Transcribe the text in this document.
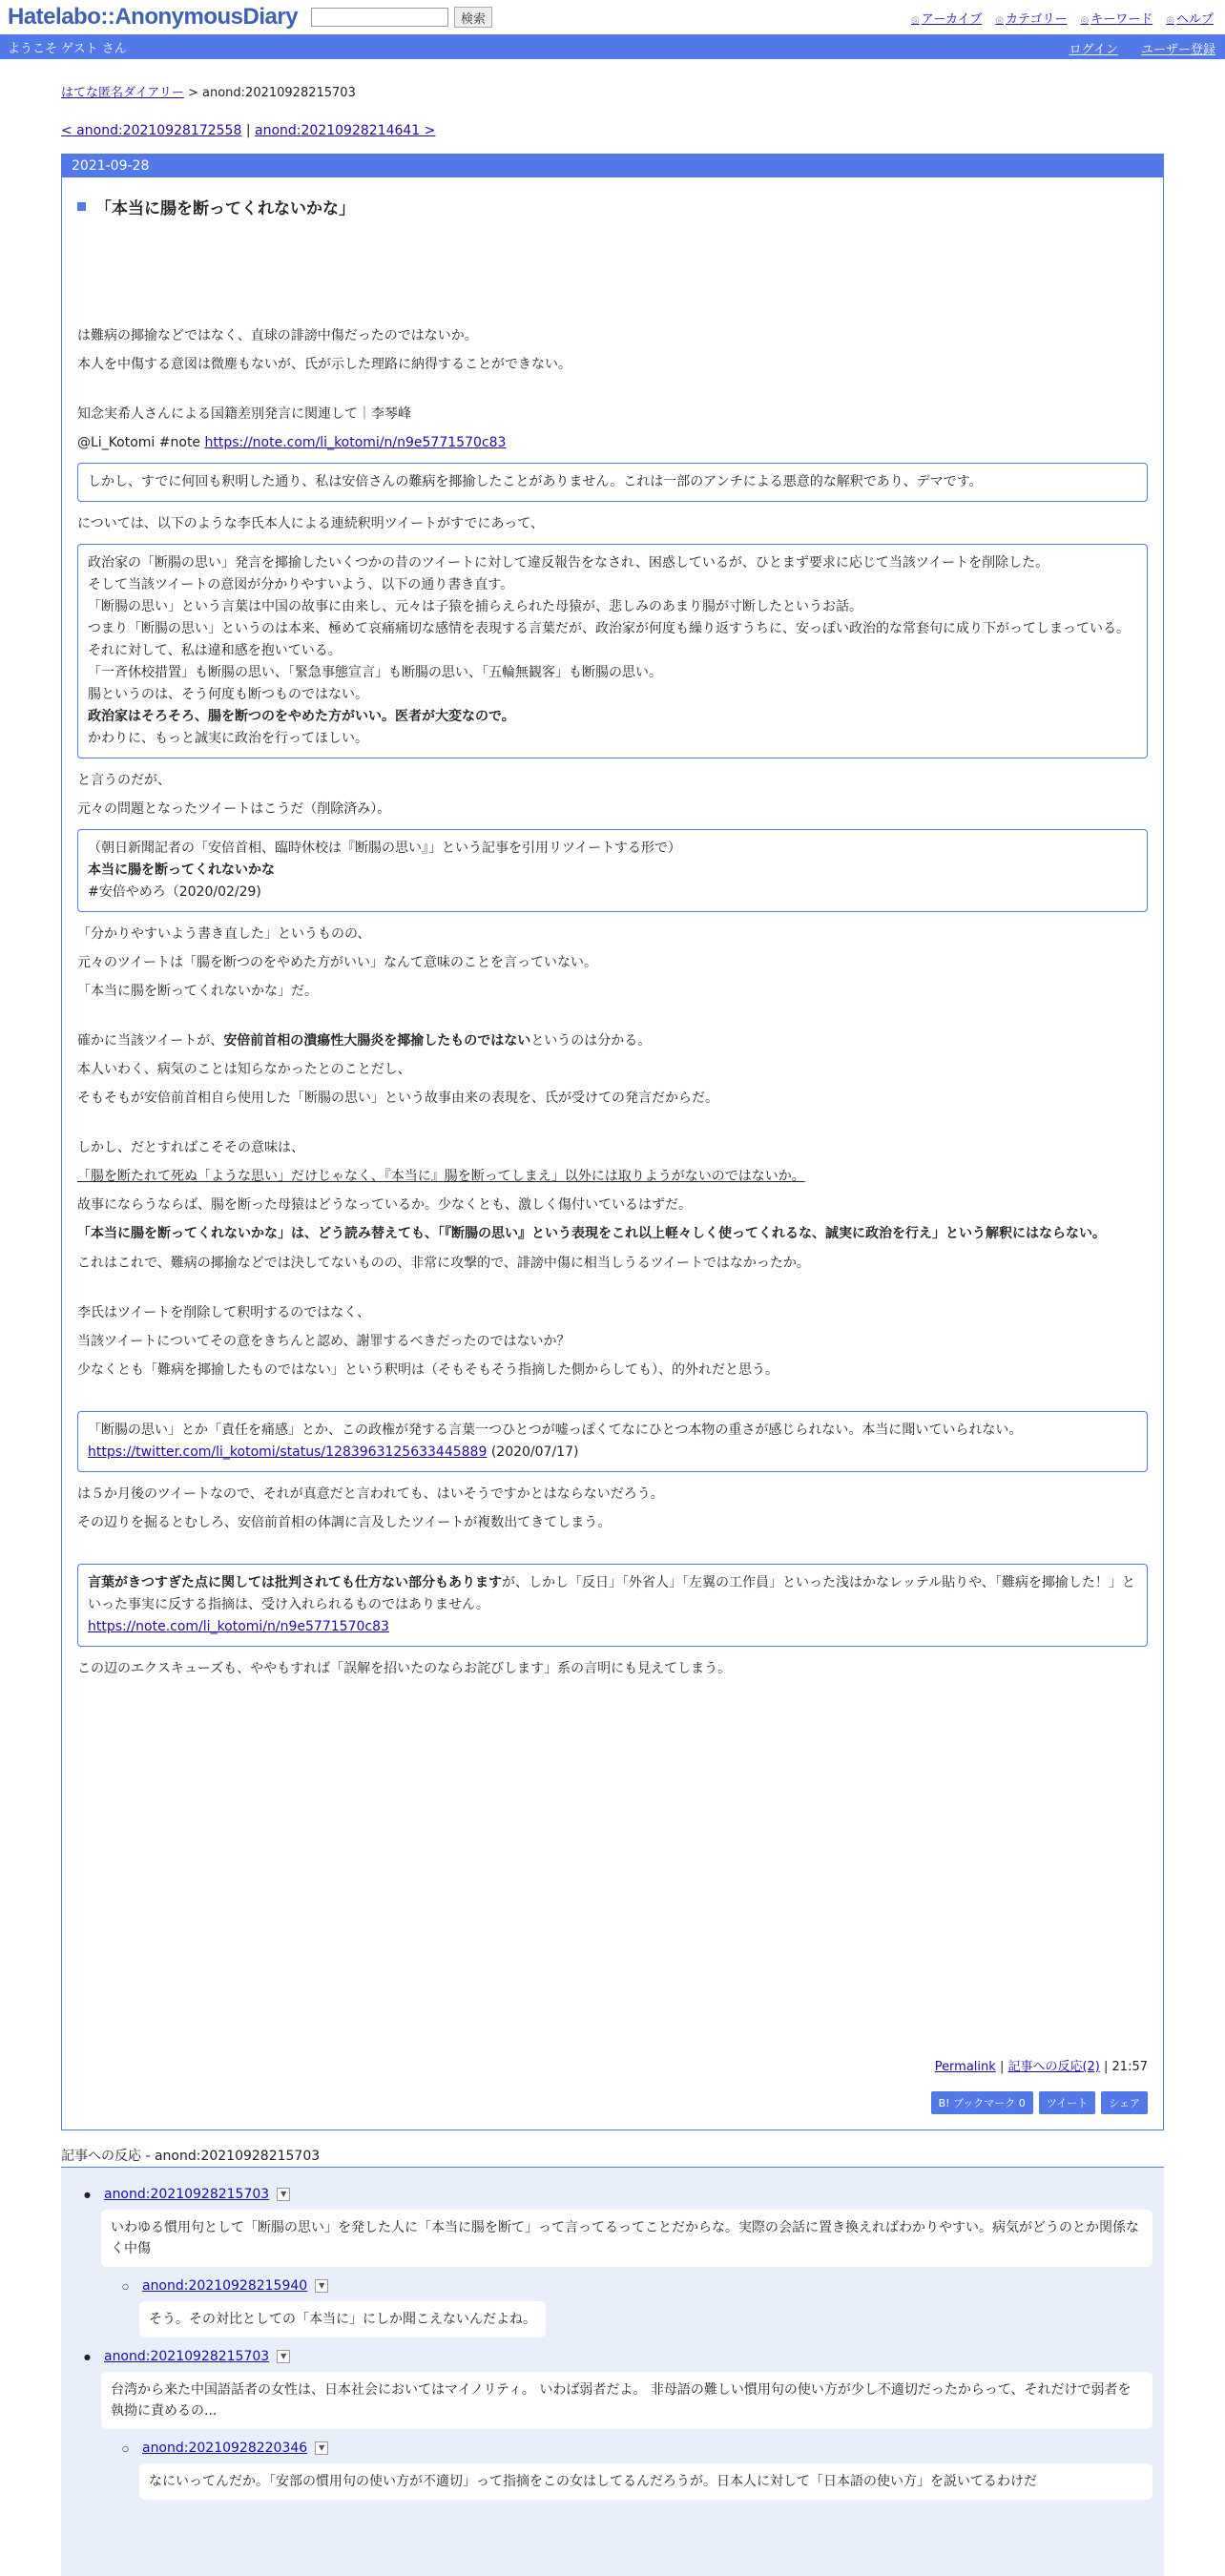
Hatelabo::AnonymousDiary	検索	◎ アーカイブ	◎ カテゴリー	◎ キーワード	◎ ヘルプ
ようこそ ゲスト さん	ログイン ユーザー登録
はてな匿名ダイアリー > anond:20210928215703
< anond:20210928172558 | anond:20210928214641 >
2021-09-28
「本当に腸を断ってくれないかな」

は難病の揶揄などではなく、直球の誹謗中傷だったのではないか。

本人を中傷する意図は微塵もないが、氏が示した理路に納得することができない。

知念実希人さんによる国籍差別発言に関連して｜李琴峰

@Li_Kotomi #note https://note.com/li_kotomi/n/n9e5771570c83

しかし、すでに何回も釈明した通り、私は安倍さんの難病を揶揄したことがありません。これは一部のアンチによる悪意的な解釈であり、デマです。

については、以下のような李氏本人による連続釈明ツイートがすでにあって、

政治家の「断腸の思い」発言を揶揄したいくつかの昔のツイートに対して違反報告をなされ、困惑しているが、ひとまず要求に応じて当該ツイートを削除した。
そして当該ツイートの意図が分かりやすいよう、以下の通り書き直す。
「断腸の思い」という言葉は中国の故事に由来し、元々は子猿を捕らえられた母猿が、悲しみのあまり腸が寸断したというお話。
つまり「断腸の思い」というのは本来、極めて哀痛痛切な感情を表現する言葉だが、政治家が何度も繰り返すうちに、安っぽい政治的な常套句に成り下がってしまっている。
それに対して、私は違和感を抱いている。
「一斉休校措置」も断腸の思い、「緊急事態宣言」も断腸の思い、「五輪無観客」も断腸の思い。
腸というのは、そう何度も断つものではない。
政治家はそろそろ、腸を断つのをやめた方がいい。医者が大変なので。
かわりに、もっと誠実に政治を行ってほしい。

と言うのだが、

元々の問題となったツイートはこうだ（削除済み）。

（朝日新聞記者の「安倍首相、臨時休校は『断腸の思い』」という記事を引用リツイートする形で）
本当に腸を断ってくれないかな
#安倍やめろ（2020/02/29)

「分かりやすいよう書き直した」というものの、

元々のツイートは「腸を断つのをやめた方がいい」なんて意味のことを言っていない。

「本当に腸を断ってくれないかな」だ。

確かに当該ツイートが、安倍前首相の潰瘍性大腸炎を揶揄したものではないというのは分かる。

本人いわく、病気のことは知らなかったとのことだし、

そもそもが安倍前首相自ら使用した「断腸の思い」という故事由来の表現を、氏が受けての発言だからだ。

しかし、だとすればこそその意味は、

「腸を断たれて死ぬ「ような思い」だけじゃなく、『本当に』腸を断ってしまえ」以外には取りようがないのではないか。

故事にならうならば、腸を断った母猿はどうなっているか。少なくとも、激しく傷付いているはずだ。

「本当に腸を断ってくれないかな」は、どう読み替えても、「『断腸の思い』という表現をこれ以上軽々しく使ってくれるな、誠実に政治を行え」という解釈にはならない。

これはこれで、難病の揶揄などでは決してないものの、非常に攻撃的で、誹謗中傷に相当しうるツイートではなかったか。

李氏はツイートを削除して釈明するのではなく、

当該ツイートについてその意をきちんと認め、謝罪するべきだったのではないか？

少なくとも「難病を揶揄したものではない」という釈明は（そもそもそう指摘した側からしても）、的外れだと思う。

「断腸の思い」とか「責任を痛感」とか、この政権が発する言葉一つひとつが嘘っぽくてなにひとつ本物の重さが感じられない。本当に聞いていられない。
https://twitter.com/li_kotomi/status/1283963125633445889 (2020/07/17)

は５か月後のツイートなので、それが真意だと言われても、はいそうですかとはならないだろう。

その辺りを掘るとむしろ、安倍前首相の体調に言及したツイートが複数出てきてしまう。

言葉がきつすぎた点に関しては批判されても仕方ない部分もありますが、しかし「反日」「外省人」「左翼の工作員」といった浅はかなレッテル貼りや、「難病を揶揄した！」といった事実に反する指摘は、受け入れられるものではありません。
https://note.com/li_kotomi/n/n9e5771570c83

この辺のエクスキューズも、ややもすれば「誤解を招いたのならお詫びします」系の言明にも見えてしまう。

Permalink | 記事への反応(2) | 21:57
B! ブックマーク 0	ツイート	シェア
記事への反応 - anond:20210928215703
● anond:20210928215703	▼
いわゆる慣用句として「断腸の思い」を発した人に「本当に腸を断て」って言ってるってことだからな。実際の会話に置き換えればわかりやすい。病気がどうのとか関係なく中傷
○ anond:20210928215940	▼
そう。その対比としての「本当に」にしか聞こえないんだよね。
● anond:20210928215703	▼
台湾から来た中国語話者の女性は、日本社会においてはマイノリティ。 いわば弱者だよ。 非母語の難しい慣用句の使い方が少し不適切だったからって、それだけで弱者を執拗に責めるの...
○ anond:20210928220346	▼
なにいってんだか。「安部の慣用句の使い方が不適切」って指摘をこの女はしてるんだろうが。日本人に対して「日本語の使い方」を説いてるわけだ
